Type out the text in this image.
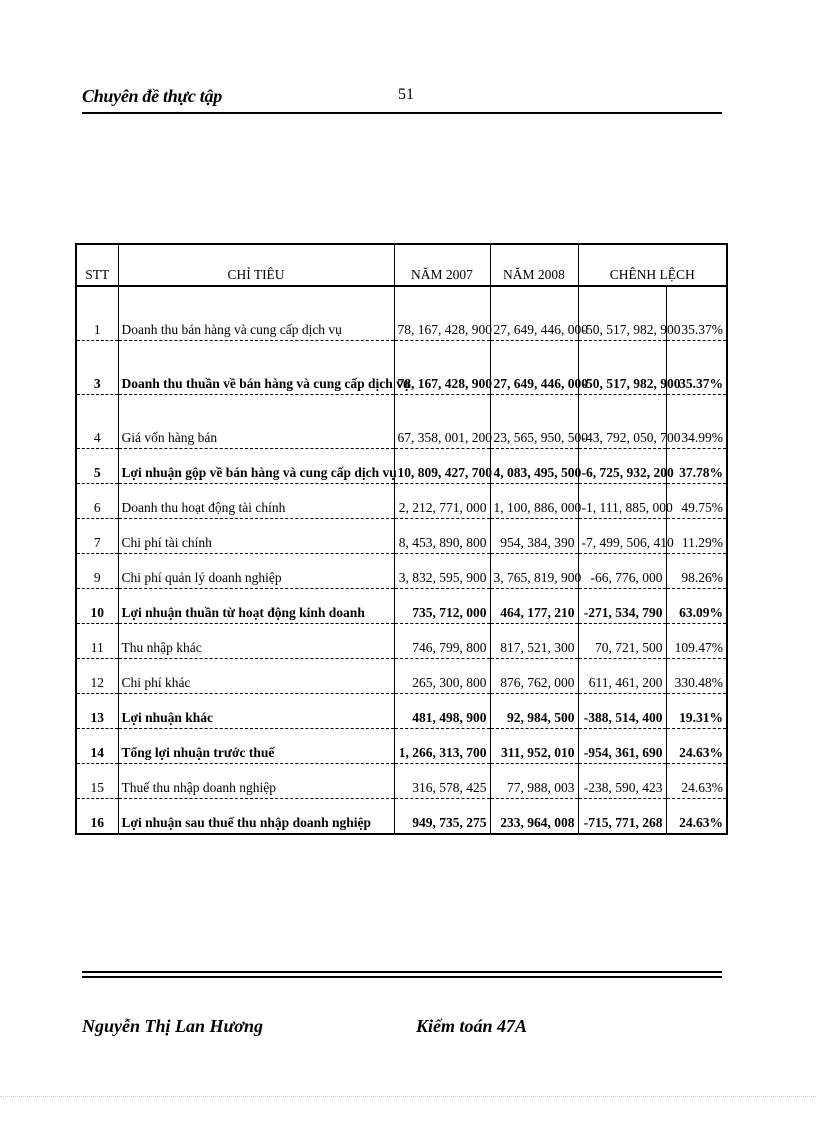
Chuyên đề thực tập	51
STT	CHỈ TIÊU	NĂM 2007	NĂM 2008	CHÊNH LỆCH	
1	Doanh thu bán hàng và cung cấp dịch vụ	78, 167, 428, 900	27, 649, 446, 000	-50, 517, 982, 900	35.37%
3	Doanh thu thuần về bán hàng và cung cấp dịch vụ	78, 167, 428, 900	27, 649, 446, 000	-50, 517, 982, 900	35.37%
4	Giá vốn hàng bán	67, 358, 001, 200	23, 565, 950, 500	-43, 792, 050, 700	34.99%
5	Lợi nhuận gộp về bán hàng và cung cấp dịch vụ	10, 809, 427, 700	4, 083, 495, 500	-6, 725, 932, 200	37.78%
6	Doanh thu hoạt động tài chính	2, 212, 771, 000	1, 100, 886, 000	-1, 111, 885, 000	49.75%
7	Chi phí tài chính	8, 453, 890, 800	954, 384, 390	-7, 499, 506, 410	11.29%
9	Chi phí quản lý doanh nghiệp	3, 832, 595, 900	3, 765, 819, 900	-66, 776, 000	98.26%
10	Lợi nhuận thuần từ hoạt động kinh doanh	735, 712, 000	464, 177, 210	-271, 534, 790	63.09%
11	Thu nhập khác	746, 799, 800	817, 521, 300	70, 721, 500	109.47%
12	Chi phí khác	265, 300, 800	876, 762, 000	611, 461, 200	330.48%
13	Lợi nhuận khác	481, 498, 900	92, 984, 500	-388, 514, 400	19.31%
14	Tổng lợi nhuận trước thuế	1, 266, 313, 700	311, 952, 010	-954, 361, 690	24.63%
15	Thuế thu nhập doanh nghiệp	316, 578, 425	77, 988, 003	-238, 590, 423	24.63%
16	Lợi nhuận sau thuế thu nhập doanh nghiệp	949, 735, 275	233, 964, 008	-715, 771, 268	24.63%
Nguyễn Thị Lan Hương	Kiểm toán 47A
